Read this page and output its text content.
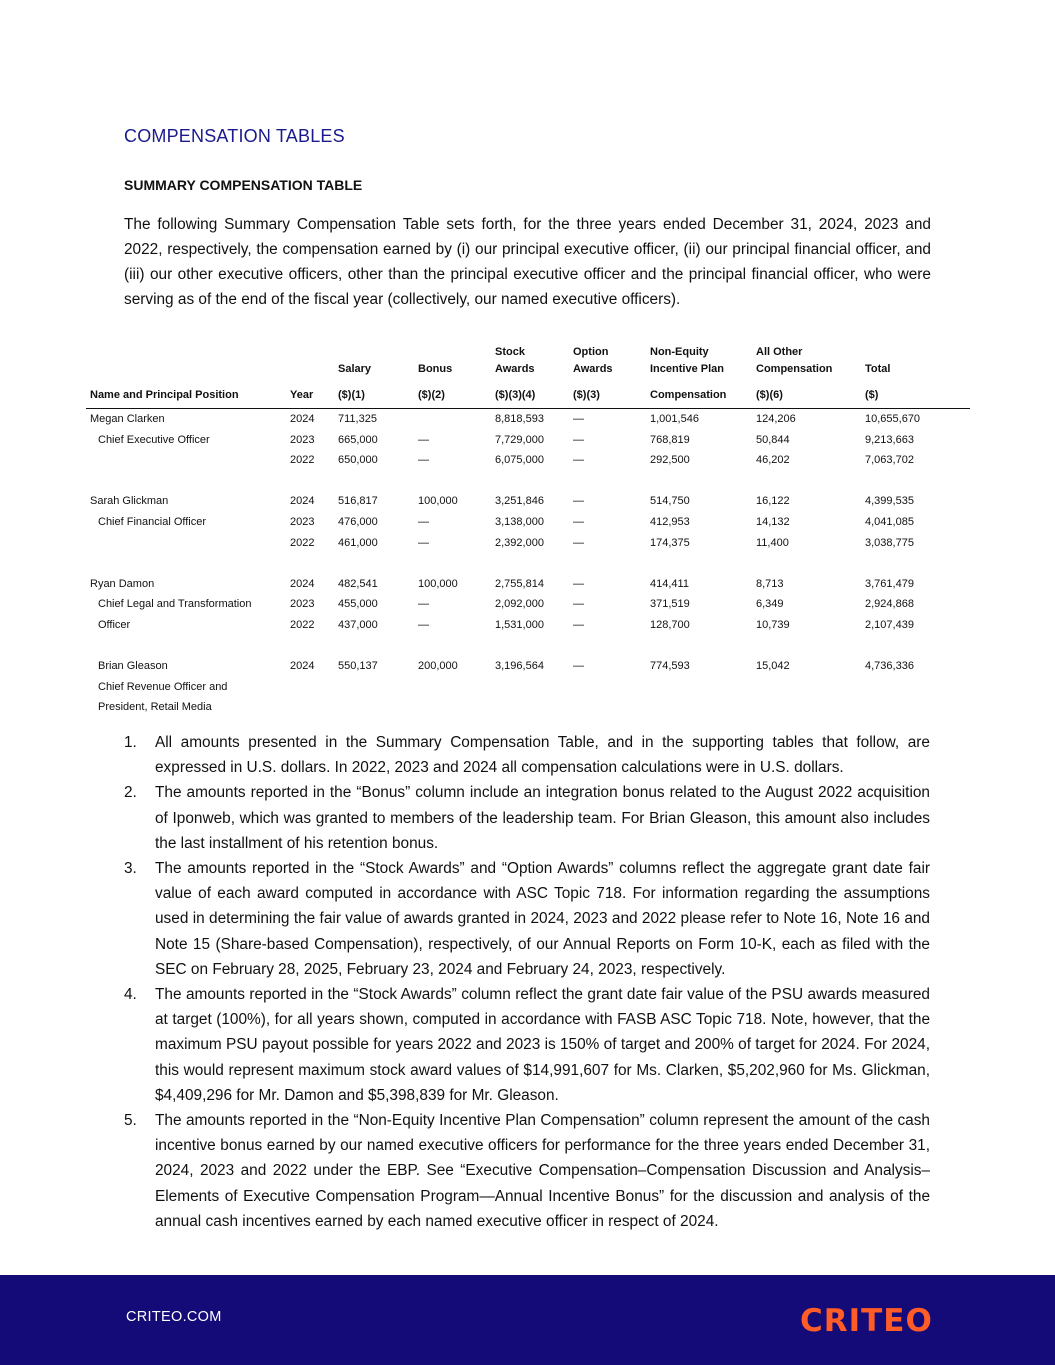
COMPENSATION TABLES
SUMMARY COMPENSATION TABLE

The following Summary Compensation Table sets forth, for the three years ended December 31, 2024, 2023 and 2022, respectively, the compensation earned by (i) our principal executive officer, (ii) our principal financial officer, and (iii) our other executive officers, other than the principal executive officer and the principal financial officer, who were serving as of the end of the fiscal year (collectively, our named executive officers).

		Salary	Bonus	Stock Awards	Option Awards	Non-Equity Incentive Plan	All Other Compensation	Total
Name and Principal Position	Year	($)(1)	($)(2)	($)(3)(4)	($)(3)	Compensation	($)(6)	($)
Megan Clarken	2024	711,325		8,818,593	—	1,001,546	124,206	10,655,670
Chief Executive Officer	2023	665,000	—	7,729,000	—	768,819	50,844	9,213,663
	2022	650,000	—	6,075,000	—	292,500	46,202	7,063,702

Sarah Glickman	2024	516,817	100,000	3,251,846	—	514,750	16,122	4,399,535
Chief Financial Officer	2023	476,000	—	3,138,000	—	412,953	14,132	4,041,085
	2022	461,000	—	2,392,000	—	174,375	11,400	3,038,775

Ryan Damon	2024	482,541	100,000	2,755,814	—	414,411	8,713	3,761,479
Chief Legal and Transformation	2023	455,000	—	2,092,000	—	371,519	6,349	2,924,868
Officer	2022	437,000	—	1,531,000	—	128,700	10,739	2,107,439

Brian Gleason	2024	550,137	200,000	3,196,564	—	774,593	15,042	4,736,336
Chief Revenue Officer and								
President, Retail Media								
1. All amounts presented in the Summary Compensation Table, and in the supporting tables that follow, are expressed in U.S. dollars. In 2022, 2023 and 2024 all compensation calculations were in U.S. dollars.
2. The amounts reported in the “Bonus” column include an integration bonus related to the August 2022 acquisition of Iponweb, which was granted to members of the leadership team. For Brian Gleason, this amount also includes the last installment of his retention bonus.
3. The amounts reported in the “Stock Awards” and “Option Awards” columns reflect the aggregate grant date fair value of each award computed in accordance with ASC Topic 718. For information regarding the assumptions used in determining the fair value of awards granted in 2024, 2023 and 2022 please refer to Note 16, Note 16 and Note 15 (Share-based Compensation), respectively, of our Annual Reports on Form 10-K, each as filed with the SEC on February 28, 2025, February 23, 2024 and February 24, 2023, respectively.
4. The amounts reported in the “Stock Awards” column reflect the grant date fair value of the PSU awards measured at target (100%), for all years shown, computed in accordance with FASB ASC Topic 718. Note, however, that the maximum PSU payout possible for years 2022 and 2023 is 150% of target and 200% of target for 2024. For 2024, this would represent maximum stock award values of $14,991,607 for Ms. Clarken, $5,202,960 for Ms. Glickman, $4,409,296 for Mr. Damon and $5,398,839 for Mr. Gleason.
5. The amounts reported in the “Non-Equity Incentive Plan Compensation” column represent the amount of the cash incentive bonus earned by our named executive officers for performance for the three years ended December 31, 2024, 2023 and 2022 under the EBP. See “Executive Compensation–Compensation Discussion and Analysis–Elements of Executive Compensation Program—Annual Incentive Bonus” for the discussion and analysis of the annual cash incentives earned by each named executive officer in respect of 2024.
CRITEO.COM	CRITEO
